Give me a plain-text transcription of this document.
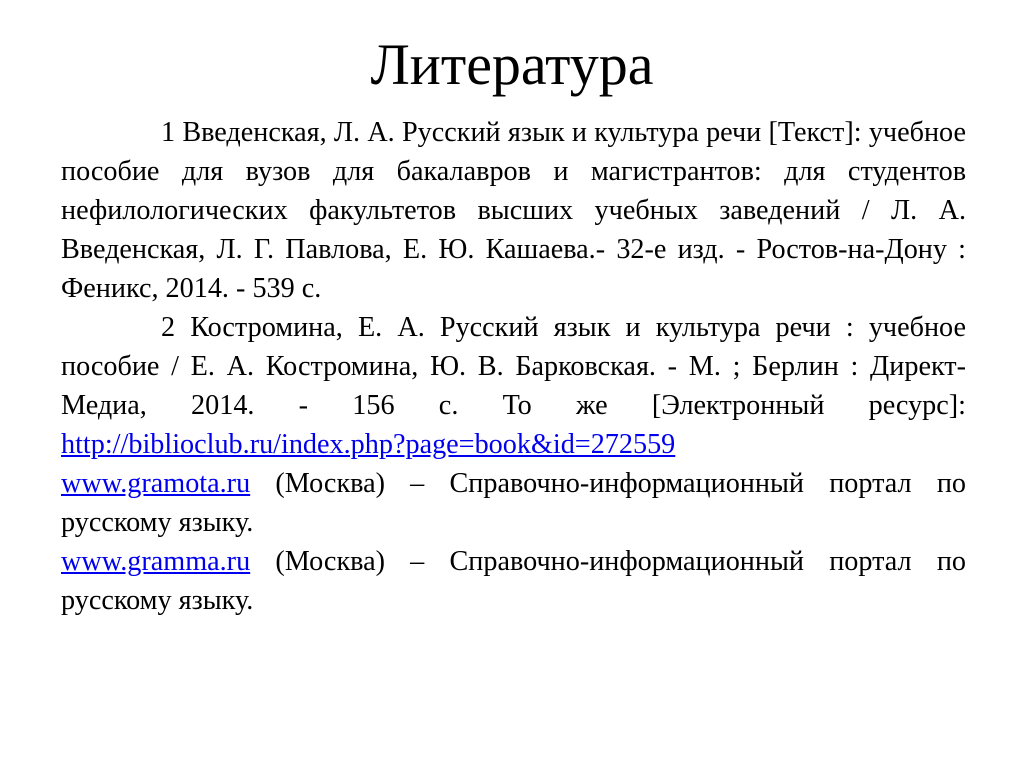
Литература

1 Введенская, Л. А. Русский язык и культура речи [Текст]: учебное пособие для вузов для бакалавров и магистрантов: для студентов нефилологических факультетов высших учебных заведений / Л. А. Введенская, Л. Г. Павлова, Е. Ю. Кашаева.- 32-е изд. - Ростов-на-Дону : Феникс, 2014. - 539 с.

2 Костромина, Е. А. Русский язык и культура речи : учебное пособие / Е. А. Костромина, Ю. В. Барковская. - М. ; Берлин : Директ-Медиа, 2014. - 156 с. То же [Электронный ресурс]: http://biblioclub.ru/index.php?page=book&id=272559

www.gramota.ru (Москва) – Справочно-информационный портал по русскому языку.

www.gramma.ru (Москва) – Справочно-информационный портал по русскому языку.
